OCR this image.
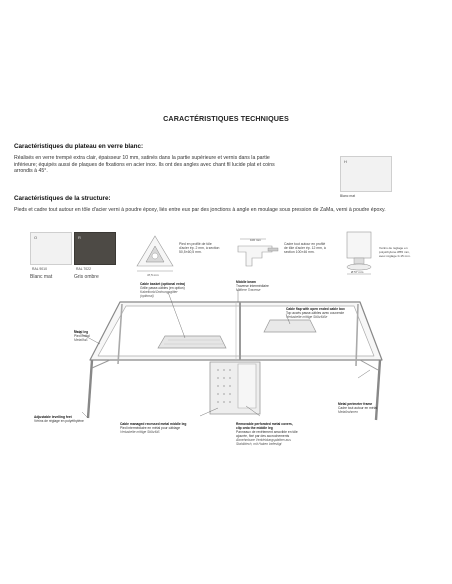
CARACTÉRISTIQUES TECHNIQUES
Caractéristiques du plateau en verre blanc:
Réalisés en verre trempé extra clair, épaisseur 10 mm, satinés dans la partie supérieure et vernis dans la partie
inférieure; équipés aussi de plaques de fixations en acier inox. Ils ont des angles avec chant fil lucide plat et coins
arrondis à 45°.
H
Blanc mat
Caractéristiques de la structure:
Pieds et cadre tout autour en tôle d'acier verni à poudre époxy, liés entre eux par des jonctions à angle en moulage sous pression de ZaMa, verni à poudre époxy.
O
RAL 9010
Blanc mat
R
RAL 7022
Gris ombre	47,5 mm
Pied en profilé de tôle
d'acier ép. 2 mm, à section
50,5×60,5 mm.
100 mm
Cadre tout autour en profilé
de tôle d'acier ép. 12 mm, à
section 100×46 mm.
Ø 57 mm
Vérins de réglage en
polyéthylène Ø55 mm,
avec réglage 0-15 mm.
Cable basket (optional extra)
Grille passe-câbles (en option)
Kabelkorb/Ordnungsgitter
(optional)
Middle beam
Traverse intermédiaire
Mittlere Traverse
Cable flap with open ended cable box
Top accès passe-câbles avec couvercle
Verkabelte mittige Stützfüße
Metal leg
Pied métal
Metallfuß
Metal perimeter frame
Cadre tout autour en métal
Metallrahmen
Adjustable levelling feet
Vérins de réglage en polyéthylène
Cable managed recessed metal middle leg
Pied intermédiaire en métal pour câblage
Verkabelte mittige Stützfüß
Removable perforated metal covers,
clip onto the middle leg
Panneaux de revêtement amovible en tôle
ajourée, fixé par des accrochements
Abnehmbare Verkleidungsplatten aus
Stahlblech, mit Haken befestigt
